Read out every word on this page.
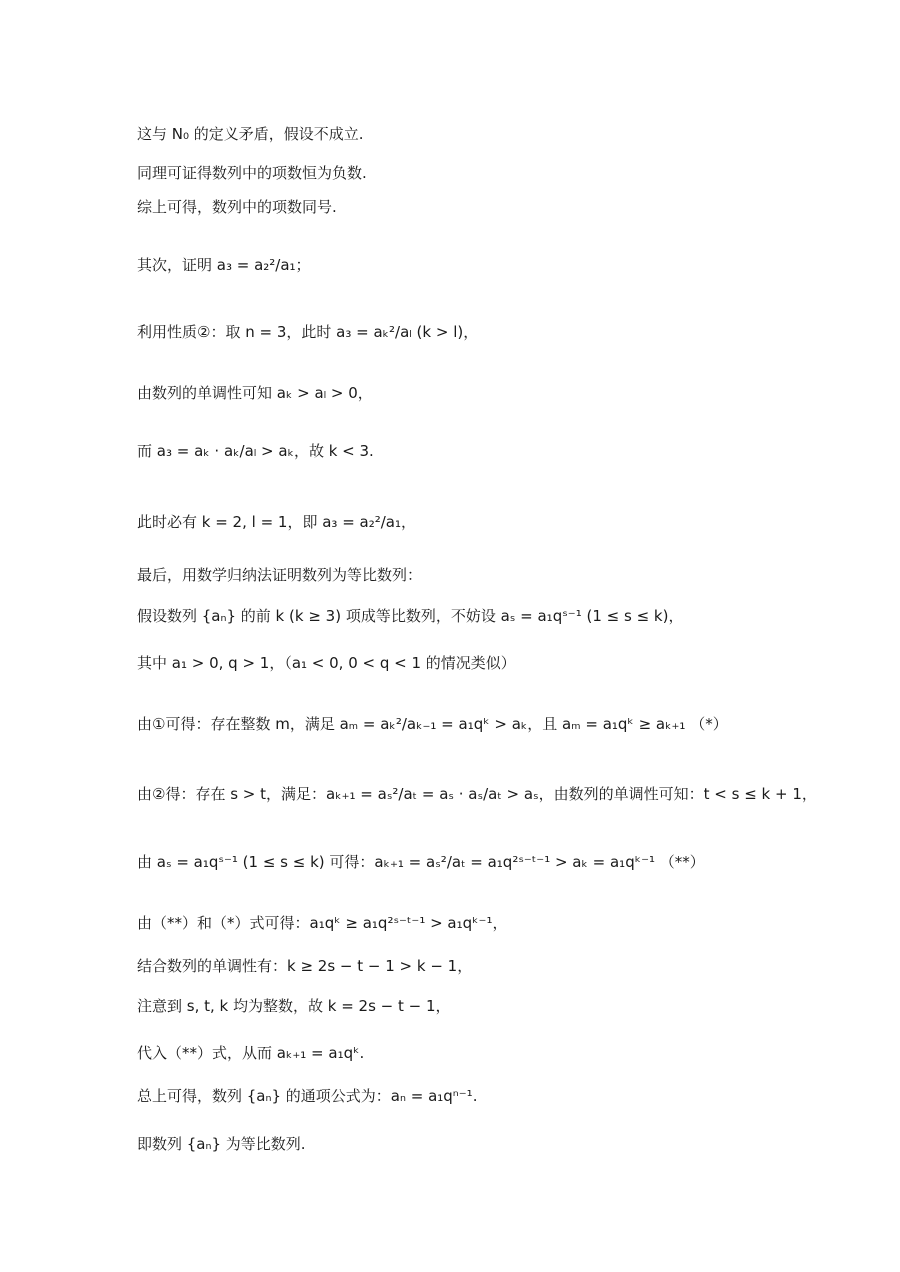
这与 N₀ 的定义矛盾，假设不成立.
同理可证得数列中的项数恒为负数.
综上可得，数列中的项数同号.
其次，证明 a₃ = a₂²/a₁；
利用性质②：取 n = 3，此时 a₃ = aₖ²/aₗ (k > l)，
由数列的单调性可知 aₖ > aₗ > 0，
而 a₃ = aₖ · aₖ/aₗ > aₖ，故 k < 3.
此时必有 k = 2, l = 1，即 a₃ = a₂²/a₁，
最后，用数学归纳法证明数列为等比数列：
假设数列 {aₙ} 的前 k (k ≥ 3) 项成等比数列，不妨设 aₛ = a₁qˢ⁻¹ (1 ≤ s ≤ k)，
其中 a₁ > 0, q > 1，（a₁ < 0, 0 < q < 1 的情况类似）
由①可得：存在整数 m，满足 aₘ = aₖ²/aₖ₋₁ = a₁qᵏ > aₖ，且 aₘ = a₁qᵏ ≥ aₖ₊₁ （*）
由②得：存在 s > t，满足：aₖ₊₁ = aₛ²/aₜ = aₛ · aₛ/aₜ > aₛ，由数列的单调性可知：t < s ≤ k + 1，
由 aₛ = a₁qˢ⁻¹ (1 ≤ s ≤ k) 可得：aₖ₊₁ = aₛ²/aₜ = a₁q²ˢ⁻ᵗ⁻¹ > aₖ = a₁qᵏ⁻¹ （**）
由（**）和（*）式可得：a₁qᵏ ≥ a₁q²ˢ⁻ᵗ⁻¹ > a₁qᵏ⁻¹，
结合数列的单调性有：k ≥ 2s − t − 1 > k − 1，
注意到 s, t, k 均为整数，故 k = 2s − t − 1，
代入（**）式，从而 aₖ₊₁ = a₁qᵏ.
总上可得，数列 {aₙ} 的通项公式为：aₙ = a₁qⁿ⁻¹.
即数列 {aₙ} 为等比数列.
